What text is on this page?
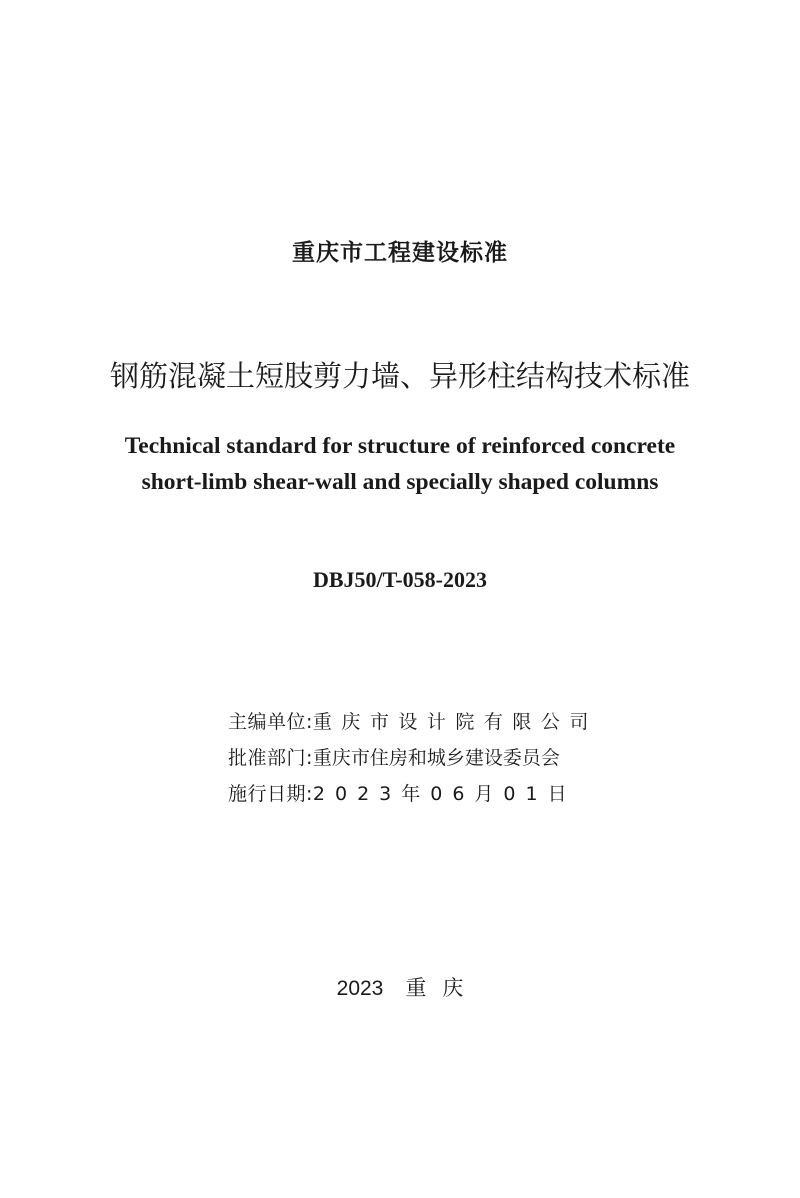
重庆市工程建设标准
钢筋混凝土短肢剪力墙、异形柱结构技术标准
Technical standard for structure of reinforced concrete
short-limb shear-wall and specially shaped columns
DBJ50/T-058-2023
主编单位: 重庆市设计院有限公司
批准部门: 重庆市住房和城乡建设委员会
施行日期: 2023年06月01日
2023 重庆
